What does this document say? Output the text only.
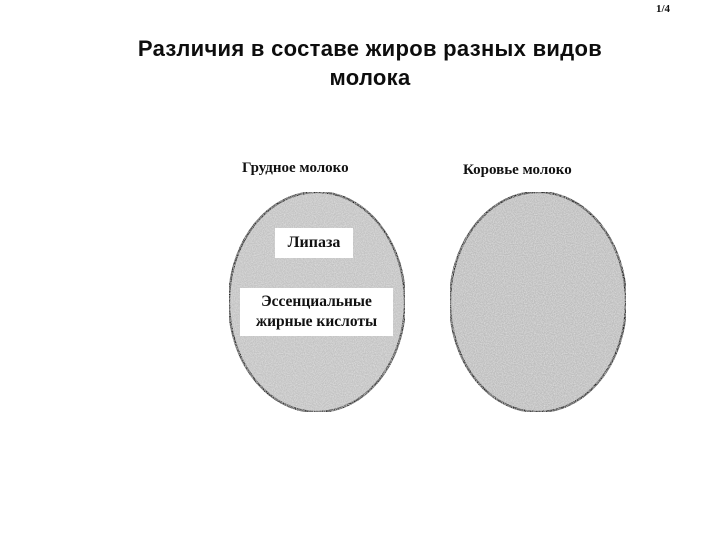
1/4
Различия в составе жиров разных видов
молока
Грудное молоко	Коровье молоко
Липаза
Эссенциальные
жирные кислоты
